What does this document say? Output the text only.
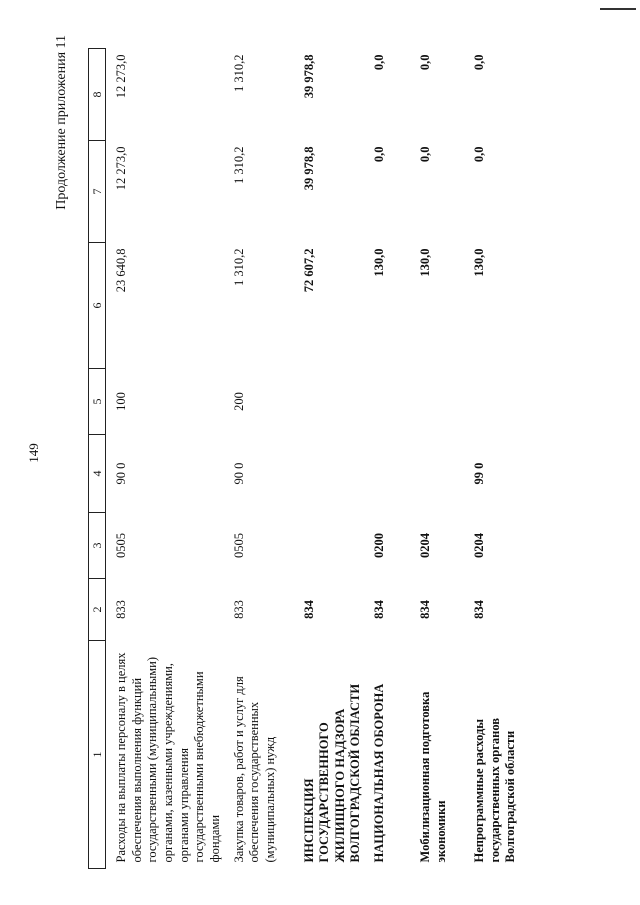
149
Продолжение приложения 11
1	2	3	4	5	6	7	8
Расходы на выплаты персоналу в целях обеспечения выполнения функций государственными (муниципальными) органами, казенными учреждениями, органами управления государственными внебюджетными фондами	833	0505	90 0	100	23 640,8	12 273,0	12 273,0
Закупка товаров, работ и услуг для обеспечения государственных (муниципальных) нужд	833	0505	90 0	200	1 310,2	1 310,2	1 310,2
ИНСПЕКЦИЯ ГОСУДАРСТВЕННОГО ЖИЛИЩНОГО НАДЗОРА ВОЛГОГРАДСКОЙ ОБЛАСТИ	834				72 607,2	39 978,8	39 978,8
НАЦИОНАЛЬНАЯ ОБОРОНА	834	0200			130,0	0,0	0,0
Мобилизационная подготовка экономики	834	0204			130,0	0,0	0,0
Непрограммные расходы государственных органов Волгоградской области	834	0204	99 0		130,0	0,0	0,0
